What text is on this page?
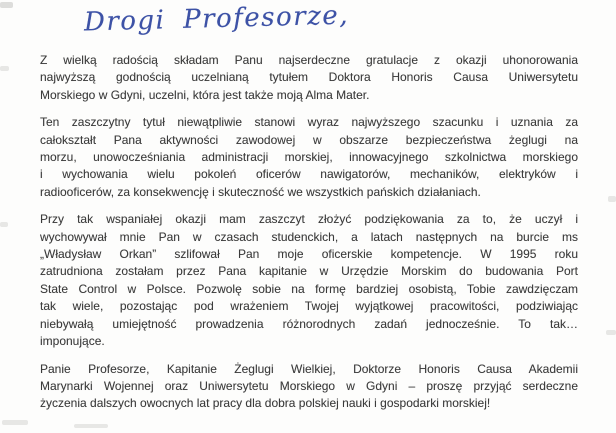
Drogi Profesorze,
Z wielką radością składam Panu najserdeczne gratulacje z okazji uhonorowania
najwyższą godnością uczelnianą tytułem Doktora Honoris Causa Uniwersytetu
Morskiego w Gdyni, uczelni, która jest także moją Alma Mater.
Ten zaszczytny tytuł niewątpliwie stanowi wyraz najwyższego szacunku i uznania za
całokształt Pana aktywności zawodowej w obszarze bezpieczeństwa żeglugi na
morzu, unowocześniania administracji morskiej, innowacyjnego szkolnictwa morskiego
i wychowania wielu pokoleń oficerów nawigatorów, mechaników, elektryków i
radiooficerów, za konsekwencję i skuteczność we wszystkich pańskich działaniach.
Przy tak wspaniałej okazji mam zaszczyt złożyć podziękowania za to, że uczył i
wychowywał mnie Pan w czasach studenckich, a latach następnych na burcie ms
„Władysław Orkan” szlifował Pan moje oficerskie kompetencje. W 1995 roku
zatrudniona zostałam przez Pana kapitanie w Urzędzie Morskim do budowania Port
State Control w Polsce. Pozwolę sobie na formę bardziej osobistą, Tobie zawdzięczam
tak wiele, pozostając pod wrażeniem Twojej wyjątkowej pracowitości, podziwiając
niebywałą umiejętność prowadzenia różnorodnych zadań jednocześnie. To tak…
imponujące.
Panie Profesorze, Kapitanie Żeglugi Wielkiej, Doktorze Honoris Causa Akademii
Marynarki Wojennej oraz Uniwersytetu Morskiego w Gdyni – proszę przyjąć serdeczne
życzenia dalszych owocnych lat pracy dla dobra polskiej nauki i gospodarki morskiej!
